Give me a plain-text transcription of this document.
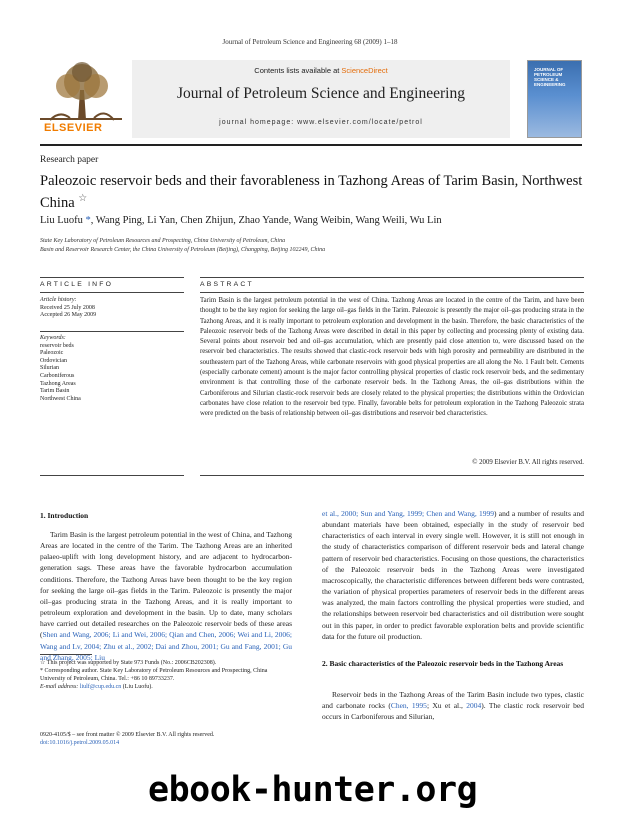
Journal of Petroleum Science and Engineering 68 (2009) 1–18
ELSEVIER
Contents lists available at ScienceDirect
Journal of Petroleum Science and Engineering
journal homepage: www.elsevier.com/locate/petrol
JOURNAL OF
PETROLEUM
SCIENCE &
ENGINEERING
Research paper
Paleozoic reservoir beds and their favorableness in Tazhong Areas of Tarim Basin, Northwest China ☆
Liu Luofu *, Wang Ping, Li Yan, Chen Zhijun, Zhao Yande, Wang Weibin, Wang Weili, Wu Lin
State Key Laboratory of Petroleum Resources and Prospecting, China University of Petroleum, China
Basin and Reservoir Research Center, the China University of Petroleum (Beijing), Changping, Beijing 102249, China
ARTICLE INFO	ABSTRACT
Article history:
Received 25 July 2008
Accepted 26 May 2009
Keywords:
reservoir beds
Paleozoic
Ordovician
Silurian
Carboniferous
Tazhong Areas
Tarim Basin
Northwest China
Tarim Basin is the largest petroleum potential in the west of China. Tazhong Areas are located in the centre of the Tarim, and have been thought to be the key region for seeking the large oil–gas fields in the Tarim. Paleozoic is presently the major oil–gas producing strata in the Tazhong Areas, and it is really important to petroleum exploration and development in the basin. Therefore, the basic characteristics of the Paleozoic reservoir beds of the Tazhong Areas were described in detail in this paper by collecting and processing plenty of existing data. Several points about reservoir bed and oil–gas accumulation, which are presently paid close attention to, were discussed based on the reservoir bed characteristics. The results showed that clastic-rock reservoir beds with high porosity and permeability are distributed in the southeastern part of the Tazhong Areas, while carbonate reservoirs with good physical properties are all along the No. 1 Fault belt. Cements (especially carbonate cement) amount is the major factor controlling physical properties of clastic rock reservoir beds, and the sedimentary environment is that controlling those of the carbonate reservoir beds. In the Tazhong Areas, the oil–gas distributions within the Carboniferous and Silurian clastic-rock reservoir beds are closely related to the physical properties; the distributions within the Ordovician carbonates have close relation to the reservoir bed type. Finally, favorable belts for petroleum exploration in the Tazhong Paleozoic strata were predicted on the basis of relationship between oil–gas distributions and reservoir bed characteristics.
© 2009 Elsevier B.V. All rights reserved.
1. Introduction
Tarim Basin is the largest petroleum potential in the west of China, and Tazhong Areas are located in the centre of the Tarim. The Tazhong Areas are an inherited palaeo-uplift with long development history, and are adjacent to hydrocarbon-generation sags. These areas have the favorable hydrocarbon accumulation conditions. Therefore, the Tazhong Areas have been thought to be the key region for seeking the large oil–gas fields in the Tarim. Paleozoic is presently the major oil–gas producing strata in the Tazhong Areas, and it is really important to petroleum exploration and development in the basin. Up to date, many scholars have carried out detailed researches on the Paleozoic reservoir beds of these areas (Shen and Wang, 2006; Li and Wei, 2006; Qian and Chen, 2006; Wei and Li, 2006; Wang and Lv, 2004; Zhu et al., 2002; Dai and Zhou, 2001; Gu and Fang, 2001; Gu and Zhang, 2005; Liu
☆ This project was supported by State 973 Funds (No.: 2006CB202308).
* Corresponding author. State Key Laboratory of Petroleum Resources and Prospecting, China University of Petroleum, China. Tel.: +86 10 89733237.
E-mail address: liulf@cup.edu.cn (Liu Luofu).
0920-4105/$ – see front matter © 2009 Elsevier B.V. All rights reserved.
doi:10.1016/j.petrol.2009.05.014
et al., 2000; Sun and Yang, 1999; Chen and Wang, 1999) and a number of results and abundant materials have been obtained, especially in the study of reservoir bed characteristics of each interval in every single well. However, it is still not enough in the study of characteristics comparison of different reservoir beds and lateral change pattern of reservoir bed characteristics. Focusing on those questions, the characteristics of the Paleozoic reservoir beds in the Tazhong Areas were investigated macroscopically, the characteristic differences between different beds were contrasted, the variation of physical properties parameters of reservoir beds in the different areas was analyzed, the main factors controlling the physical properties were studied, and the relationships between reservoir bed characteristics and oil distribution were sought out in this paper, in order to predict favorable exploration belts and provide scientific data for the future oil production.
2. Basic characteristics of the Paleozoic reservoir beds in the Tazhong Areas
Reservoir beds in the Tazhong Areas of the Tarim Basin include two types, clastic and carbonate rocks (Chen, 1995; Xu et al., 2004). The clastic rock reservoir bed occurs in Carboniferous and Silurian,
ebook-hunter.org
